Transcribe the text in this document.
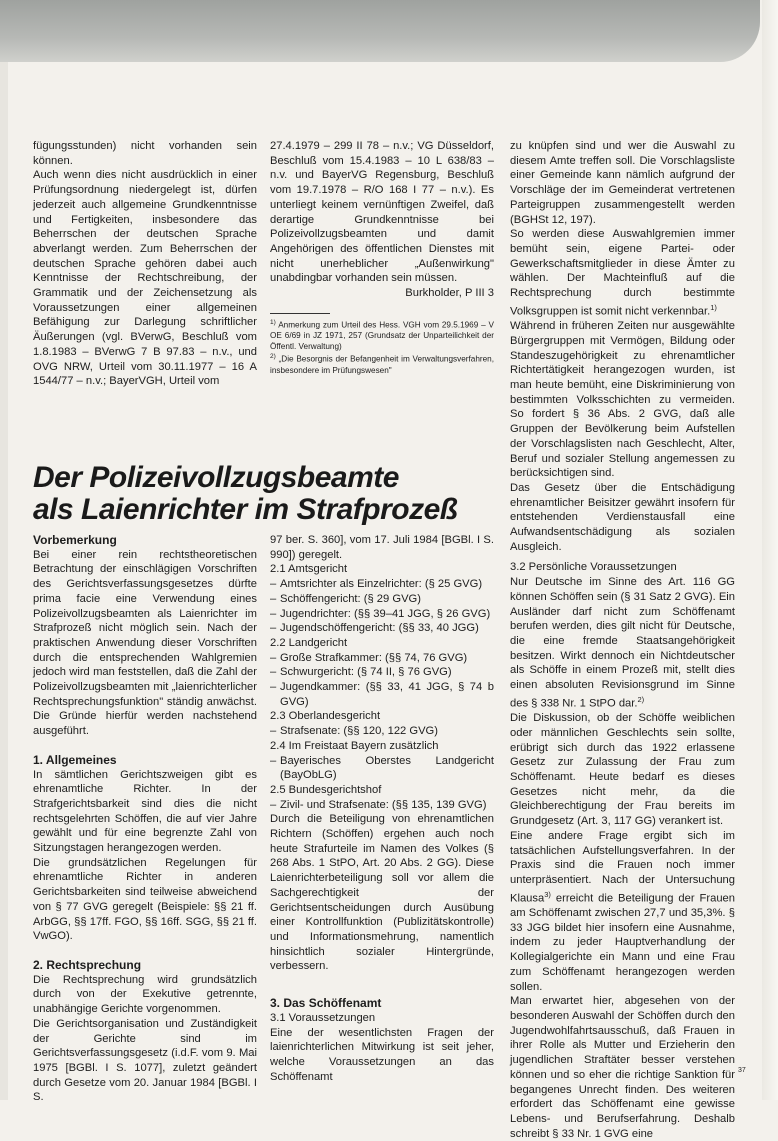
fügungsstunden) nicht vorhanden sein können.

Auch wenn dies nicht ausdrücklich in einer Prüfungsordnung niedergelegt ist, dürfen jederzeit auch allgemeine Grundkenntnisse und Fertigkeiten, insbesondere das Beherrschen der deutschen Sprache abverlangt werden. Zum Beherrschen der deutschen Sprache gehören dabei auch Kenntnisse der Rechtschreibung, der Grammatik und der Zeichensetzung als Voraussetzungen einer allgemeinen Befähigung zur Darlegung schriftlicher Äußerungen (vgl. BVerwG, Beschluß vom 1.8.1983 – BVerwG 7 B 97.83 – n.v., und OVG NRW, Urteil vom 30.11.1977 – 16 A 1544/77 – n.v.; BayerVGH, Urteil vom

27.4.1979 – 299 II 78 – n.v.; VG Düsseldorf, Beschluß vom 15.4.1983 – 10 L 638/83 – n.v. und BayerVG Regensburg, Beschluß vom 19.7.1978 – R/O 168 I 77 – n.v.). Es unterliegt keinem vernünftigen Zweifel, daß derartige Grundkenntnisse bei Polizeivollzugsbeamten und damit Angehörigen des öffentlichen Dienstes mit nicht unerheblicher „Außenwirkung" unabdingbar vorhanden sein müssen.

Burkholder, P III 3

$^{1)}$ Anmerkung zum Urteil des Hess. VGH vom 29.5.1969 – V OE 6/69 in JZ 1971, 257 (Grundsatz der Unparteilichkeit der Öffentl. Verwaltung)

$^{2)}$ „Die Besorgnis der Befangenheit im Verwaltungsverfahren, insbesondere im Prüfungswesen"

zu knüpfen sind und wer die Auswahl zu diesem Amte treffen soll. Die Vorschlagsliste einer Gemeinde kann nämlich aufgrund der Vorschläge der im Gemeinderat vertretenen Parteigruppen zusammengestellt werden (BGHSt 12, 197).

So werden diese Auswahlgremien immer bemüht sein, eigene Partei- oder Gewerkschaftsmitglieder in diese Ämter zu wählen. Der Machteinfluß auf die Rechtsprechung durch bestimmte Volksgruppen ist somit nicht verkennbar.$^{1)}$

Während in früheren Zeiten nur ausgewählte Bürgergruppen mit Vermögen, Bildung oder Standeszugehörigkeit zu ehrenamtlicher Richtertätigkeit herangezogen wurden, ist man heute bemüht, eine Diskriminierung von bestimmten Volksschichten zu vermeiden. So fordert § 36 Abs. 2 GVG, daß alle Gruppen der Bevölkerung beim Aufstellen der Vorschlagslisten nach Geschlecht, Alter, Beruf und sozialer Stellung angemessen zu berücksichtigen sind.

Das Gesetz über die Entschädigung ehrenamtlicher Beisitzer gewährt insofern für entstehenden Verdienstausfall eine Aufwandsentschädigung als sozialen Ausgleich.

3.2 Persönliche Voraussetzungen

Nur Deutsche im Sinne des Art. 116 GG können Schöffen sein (§ 31 Satz 2 GVG). Ein Ausländer darf nicht zum Schöffenamt berufen werden, dies gilt nicht für Deutsche, die eine fremde Staatsangehörigkeit besitzen. Wirkt dennoch ein Nichtdeutscher als Schöffe in einem Prozeß mit, stellt dies einen absoluten Revisionsgrund im Sinne des § 338 Nr. 1 StPO dar.$^{2)}$

Die Diskussion, ob der Schöffe weiblichen oder männlichen Geschlechts sein sollte, erübrigt sich durch das 1922 erlassene Gesetz zur Zulassung der Frau zum Schöffenamt. Heute bedarf es dieses Gesetzes nicht mehr, da die Gleichberechtigung der Frau bereits im Grundgesetz (Art. 3, 117 GG) verankert ist.

Eine andere Frage ergibt sich im tatsächlichen Aufstellungsverfahren. In der Praxis sind die Frauen noch immer unterpräsentiert. Nach der Untersuchung Klausa$^{3)}$ erreicht die Beteiligung der Frauen am Schöffenamt zwischen 27,7 und 35,3%. § 33 JGG bildet hier insofern eine Ausnahme, indem zu jeder Hauptverhandlung der Kollegialgerichte ein Mann und eine Frau zum Schöffenamt herangezogen werden sollen.

Man erwartet hier, abgesehen von der besonderen Auswahl der Schöffen durch den Jugendwohlfahrtsausschuß, daß Frauen in ihrer Rolle als Mutter und Erzieherin den jugendlichen Straftäter besser verstehen können und so eher die richtige Sanktion für begangenes Unrecht finden. Des weiteren erfordert das Schöffenamt eine gewisse Lebens- und Berufserfahrung. Deshalb schreibt § 33 Nr. 1 GVG eine

Der Polizeivollzugsbeamte
als Laienrichter im Strafprozeß

Vorbemerkung

Bei einer rein rechtstheoretischen Betrachtung der einschlägigen Vorschriften des Gerichtsverfassungsgesetzes dürfte prima facie eine Verwendung eines Polizeivollzugsbeamten als Laienrichter im Strafprozeß nicht möglich sein. Nach der praktischen Anwendung dieser Vorschriften durch die entsprechenden Wahlgremien jedoch wird man feststellen, daß die Zahl der Polizeivollzugsbeamten mit „laienrichterlicher Rechtsprechungsfunktion" ständig anwächst. Die Gründe hierfür werden nachstehend ausgeführt.

1. Allgemeines

In sämtlichen Gerichtszweigen gibt es ehrenamtliche Richter. In der Strafgerichtsbarkeit sind dies die nicht rechtsgelehrten Schöffen, die auf vier Jahre gewählt und für eine begrenzte Zahl von Sitzungstagen herangezogen werden.

Die grundsätzlichen Regelungen für ehrenamtliche Richter in anderen Gerichtsbarkeiten sind teilweise abweichend von § 77 GVG geregelt (Beispiele: §§ 21 ff. ArbGG, §§ 17ff. FGO, §§ 16ff. SGG, §§ 21 ff. VwGO).

2. Rechtsprechung

Die Rechtsprechung wird grundsätzlich durch von der Exekutive getrennte, unabhängige Gerichte vorgenommen.

Die Gerichtsorganisation und Zuständigkeit der Gerichte sind im Gerichtsverfassungsgesetz (i.d.F. vom 9. Mai 1975 [BGBl. I S. 1077], zuletzt geändert durch Gesetze vom 20. Januar 1984 [BGBl. I S.

97 ber. S. 360], vom 17. Juli 1984 [BGBl. I S. 990]) geregelt.

2.1 Amtsgericht

– Amtsrichter als Einzelrichter: (§ 25 GVG)
– Schöffengericht: (§ 29 GVG)
– Jugendrichter: (§§ 39–41 JGG, § 26 GVG)
– Jugendschöffengericht: (§§ 33, 40 JGG)

2.2 Landgericht

– Große Strafkammer: (§§ 74, 76 GVG)
– Schwurgericht: (§ 74 II, § 76 GVG)
– Jugendkammer: (§§ 33, 41 JGG, § 74 b GVG)

2.3 Oberlandesgericht

– Strafsenate: (§§ 120, 122 GVG)

2.4 Im Freistaat Bayern zusätzlich

– Bayerisches Oberstes Landgericht (BayObLG)

2.5 Bundesgerichtshof

– Zivil- und Strafsenate: (§§ 135, 139 GVG)

Durch die Beteiligung von ehrenamtlichen Richtern (Schöffen) ergehen auch noch heute Strafurteile im Namen des Volkes (§ 268 Abs. 1 StPO, Art. 20 Abs. 2 GG). Diese Laienrichterbeteiligung soll vor allem die Sachgerechtigkeit der Gerichtsentscheidungen durch Ausübung einer Kontrollfunktion (Publizitätskontrolle) und Informationsmehrung, namentlich hinsichtlich sozialer Hintergründe, verbessern.

3. Das Schöffenamt

3.1 Voraussetzungen

Eine der wesentlichsten Fragen der laienrichterlichen Mitwirkung ist seit jeher, welche Voraussetzungen an das Schöffenamt

37
